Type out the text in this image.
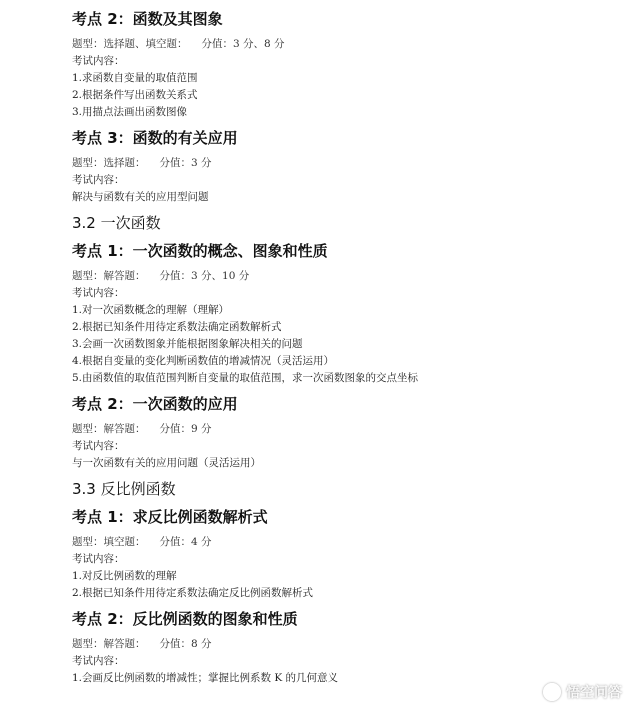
考点 2：函数及其图象
题型：选择题、填空题： 分值：3 分、8 分
考试内容：
1.求函数自变量的取值范围
2.根据条件写出函数关系式
3.用描点法画出函数图像
考点 3：函数的有关应用
题型：选择题： 分值：3 分
考试内容：
解决与函数有关的应用型问题
3.2 一次函数
考点 1：一次函数的概念、图象和性质
题型：解答题： 分值：3 分、10 分
考试内容：
1.对一次函数概念的理解（理解）
2.根据已知条件用待定系数法确定函数解析式
3.会画一次函数图象并能根据图象解决相关的问题
4.根据自变量的变化判断函数值的增减情况（灵活运用）
5.由函数值的取值范围判断自变量的取值范围，求一次函数图象的交点坐标
考点 2：一次函数的应用
题型：解答题： 分值：9 分
考试内容：
与一次函数有关的应用问题（灵活运用）
3.3 反比例函数
考点 1：求反比例函数解析式
题型：填空题： 分值：4 分
考试内容：
1.对反比例函数的理解
2.根据已知条件用待定系数法确定反比例函数解析式
考点 2：反比例函数的图象和性质
题型：解答题： 分值：8 分
考试内容：
1.会画反比例函数的增减性；掌握比例系数 K 的几何意义
悟空问答
